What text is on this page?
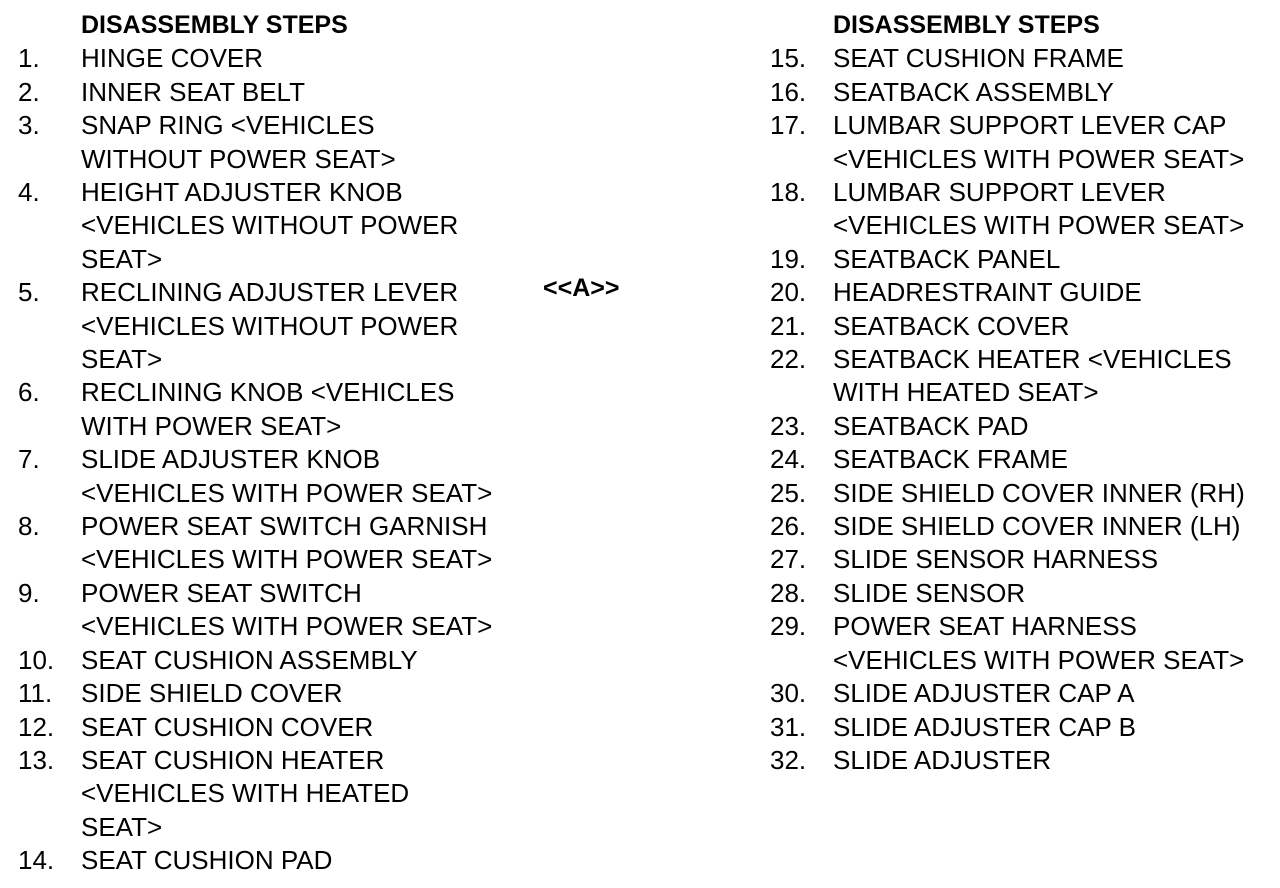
DISASSEMBLY STEPS
1.	HINGE COVER
2.	INNER SEAT BELT
3.	SNAP RING <VEHICLES
WITHOUT POWER SEAT>
4.	HEIGHT ADJUSTER KNOB
<VEHICLES WITHOUT POWER
SEAT>
5.	RECLINING ADJUSTER LEVER
<VEHICLES WITHOUT POWER
SEAT>
6.	RECLINING KNOB <VEHICLES
WITH POWER SEAT>
7.	SLIDE ADJUSTER KNOB
<VEHICLES WITH POWER SEAT>
8.	POWER SEAT SWITCH GARNISH
<VEHICLES WITH POWER SEAT>
9.	POWER SEAT SWITCH
<VEHICLES WITH POWER SEAT>
10.	SEAT CUSHION ASSEMBLY
11.	SIDE SHIELD COVER
12.	SEAT CUSHION COVER
13.	SEAT CUSHION HEATER
<VEHICLES WITH HEATED
SEAT>
14.	SEAT CUSHION PAD
<<A>>
DISASSEMBLY STEPS
15.	SEAT CUSHION FRAME
16.	SEATBACK ASSEMBLY
17.	LUMBAR SUPPORT LEVER CAP
<VEHICLES WITH POWER SEAT>
18.	LUMBAR SUPPORT LEVER
<VEHICLES WITH POWER SEAT>
19.	SEATBACK PANEL
20.	HEADRESTRAINT GUIDE
21.	SEATBACK COVER
22.	SEATBACK HEATER <VEHICLES
WITH HEATED SEAT>
23.	SEATBACK PAD
24.	SEATBACK FRAME
25.	SIDE SHIELD COVER INNER (RH)
26.	SIDE SHIELD COVER INNER (LH)
27.	SLIDE SENSOR HARNESS
28.	SLIDE SENSOR
29.	POWER SEAT HARNESS
<VEHICLES WITH POWER SEAT>
30.	SLIDE ADJUSTER CAP A
31.	SLIDE ADJUSTER CAP B
32.	SLIDE ADJUSTER
